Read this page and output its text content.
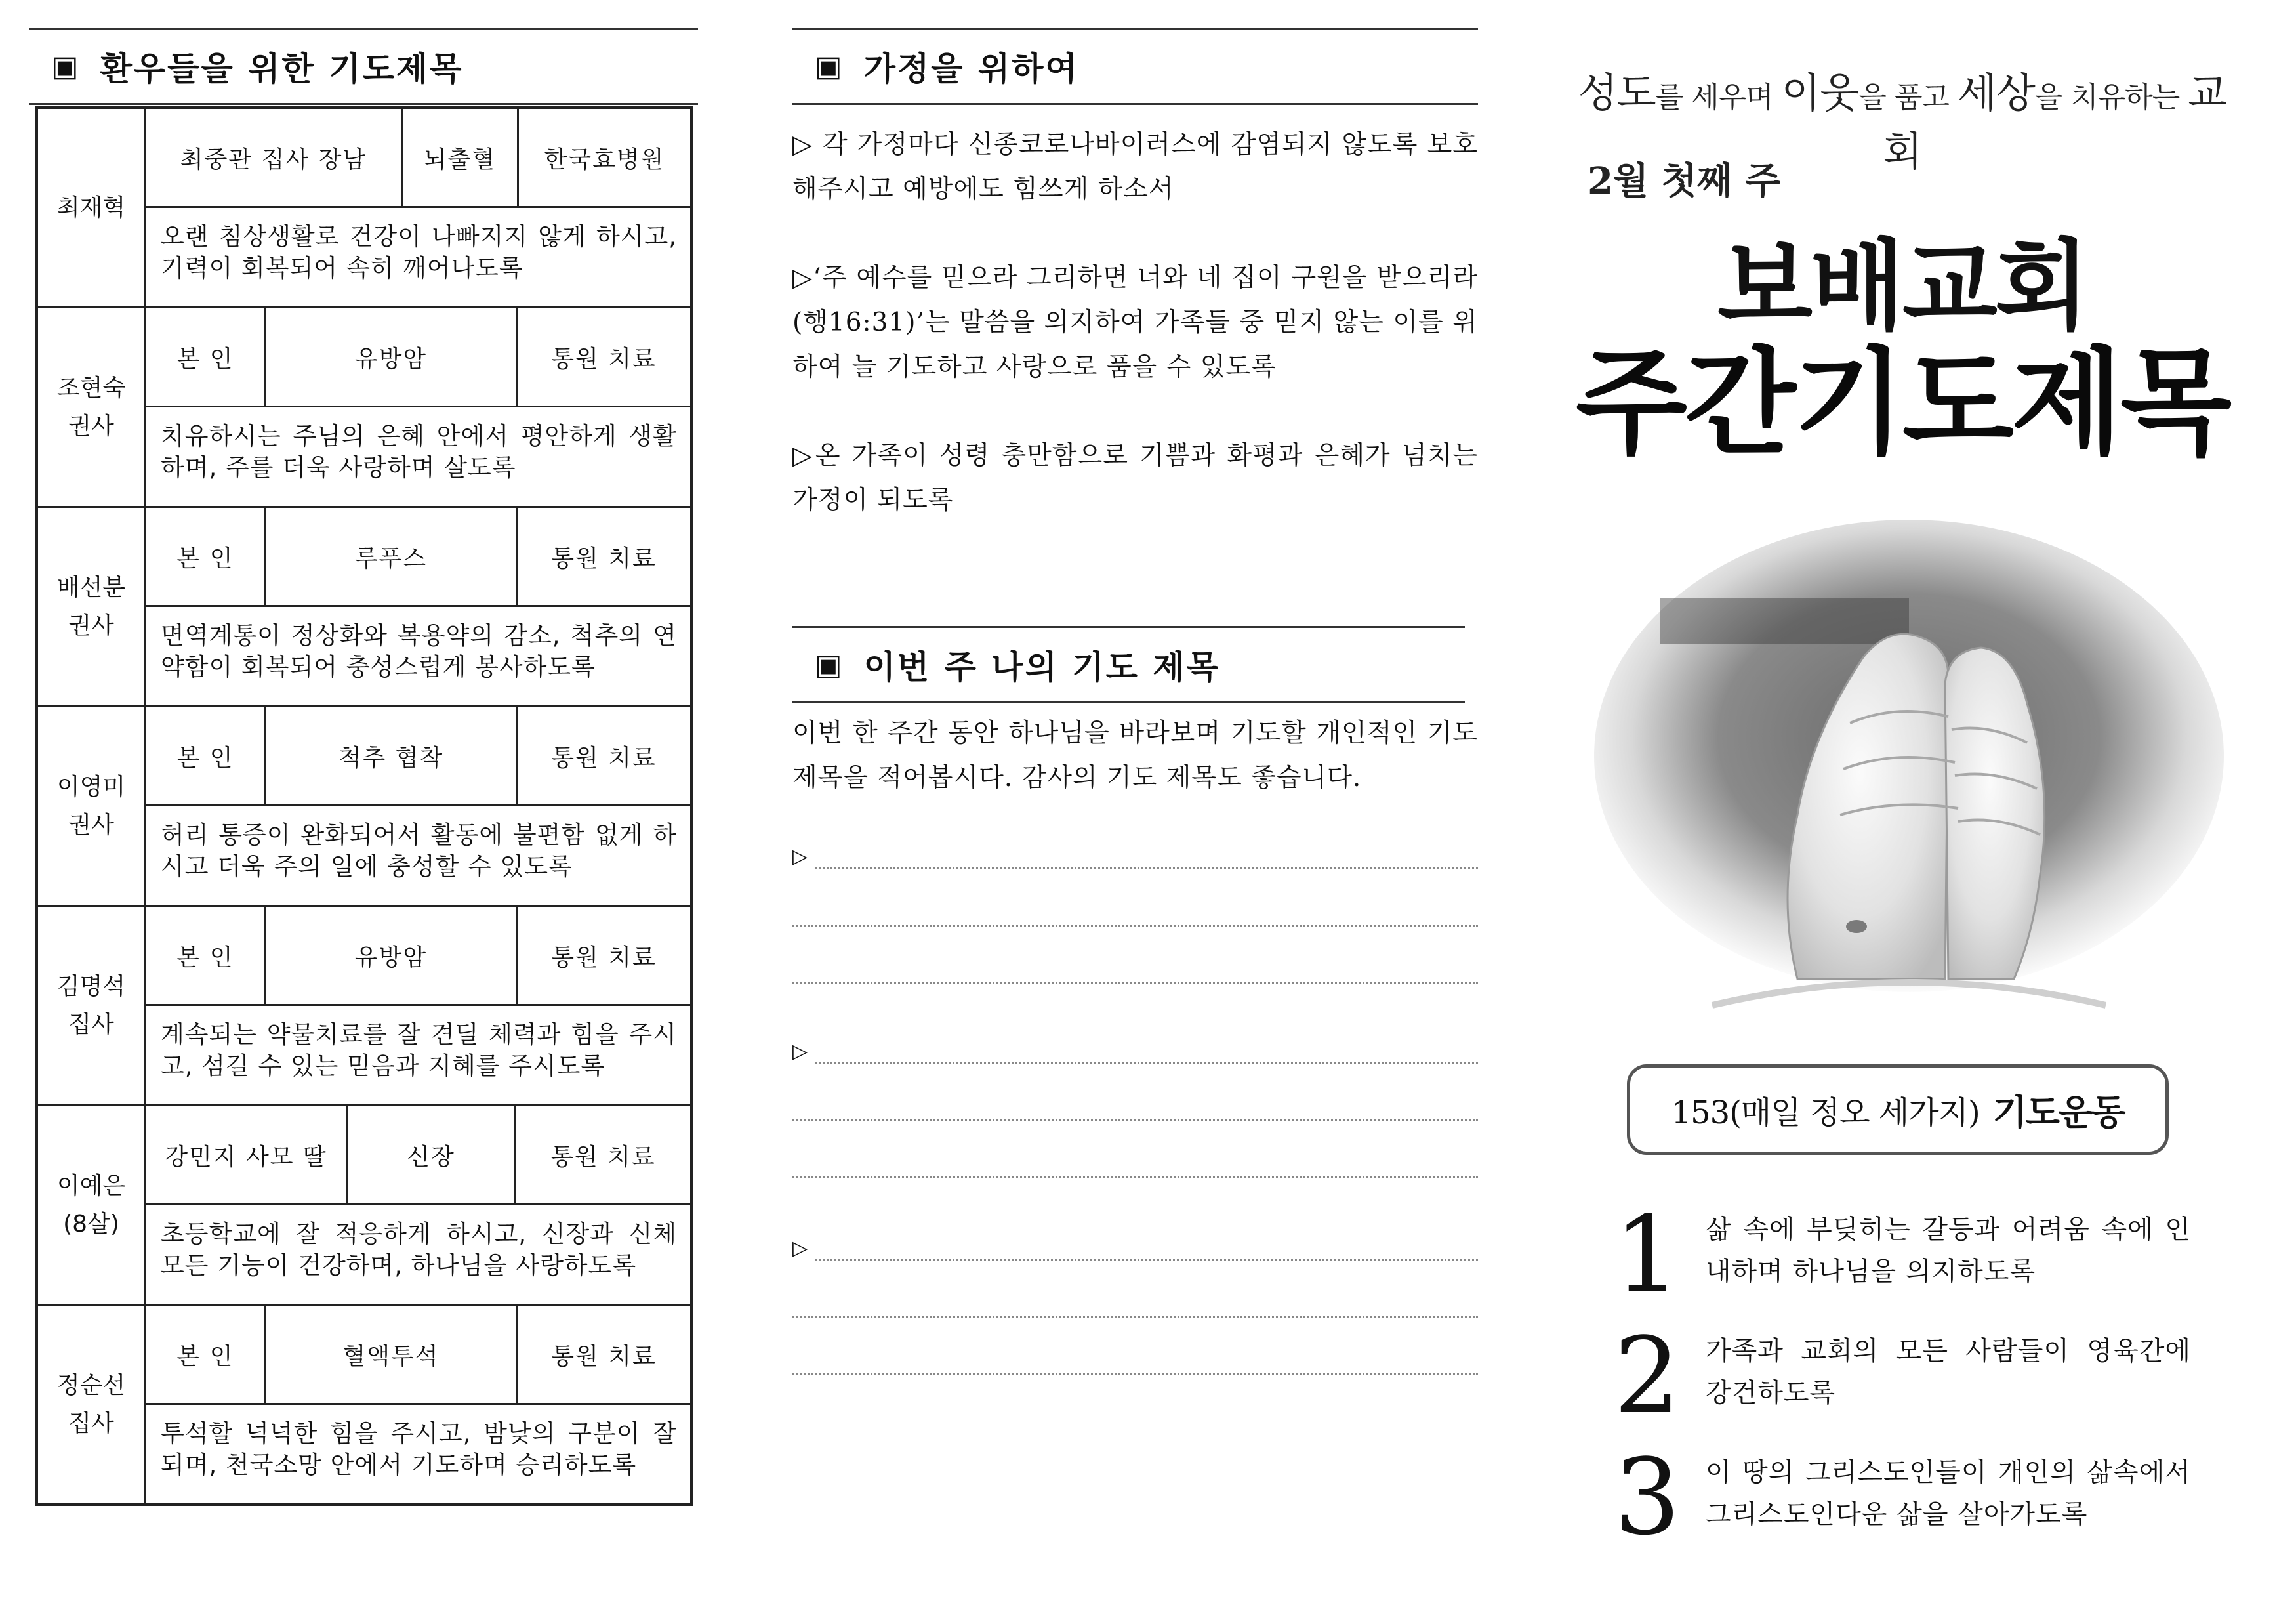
▣ 환우들을 위한 기도제목
최재혁
최중관 집사 장남	뇌출혈	한국효병원
오랜 침상생활로 건강이 나빠지지 않게 하시고, 기력이 회복되어 속히 깨어나도록
조현숙
권사
본 인	유방암	통원 치료
치유하시는 주님의 은혜 안에서 평안하게 생활하며, 주를 더욱 사랑하며 살도록
배선분
권사
본 인	루푸스	통원 치료
면역계통이 정상화와 복용약의 감소, 척추의 연약함이 회복되어 충성스럽게 봉사하도록
이영미
권사
본 인	척추 협착	통원 치료
허리 통증이 완화되어서 활동에 불편함 없게 하시고 더욱 주의 일에 충성할 수 있도록
김명석
집사
본 인	유방암	통원 치료
계속되는 약물치료를 잘 견딜 체력과 힘을 주시고, 섬길 수 있는 믿음과 지혜를 주시도록
이예은
(8살)
강민지 사모 딸	신장	통원 치료
초등학교에 잘 적응하게 하시고, 신장과 신체 모든 기능이 건강하며, 하나님을 사랑하도록
정순선
집사
본 인	혈액투석	통원 치료
투석할 넉넉한 힘을 주시고, 밤낮의 구분이 잘 되며, 천국소망 안에서 기도하며 승리하도록
▣ 가정을 위하여

▷ 각 가정마다 신종코로나바이러스에 감염되지 않도록 보호해주시고 예방에도 힘쓰게 하소서

▷‘주 예수를 믿으라 그리하면 너와 네 집이 구원을 받으리라(행16:31)’는 말씀을 의지하여 가족들 중 믿지 않는 이를 위하여 늘 기도하고 사랑으로 품을 수 있도록

▷온 가족이 성령 충만함으로 기쁨과 화평과 은혜가 넘치는 가정이 되도록

▣ 이번 주 나의 기도 제목

이번 한 주간 동안 하나님을 바라보며 기도할 개인적인 기도 제목을 적어봅시다. 감사의 기도 제목도 좋습니다.

▷
▷
▷
성도를 세우며 이웃을 품고 세상을 치유하는 교회
2월 첫째 주
보배교회
주간기도제목
153(매일 정오 세가지) 기도운동
1 삶 속에 부딪히는 갈등과 어려움 속에 인내하며 하나님을 의지하도록
2 가족과 교회의 모든 사람들이 영육간에 강건하도록
3 이 땅의 그리스도인들이 개인의 삶속에서 그리스도인다운 삶을 살아가도록
